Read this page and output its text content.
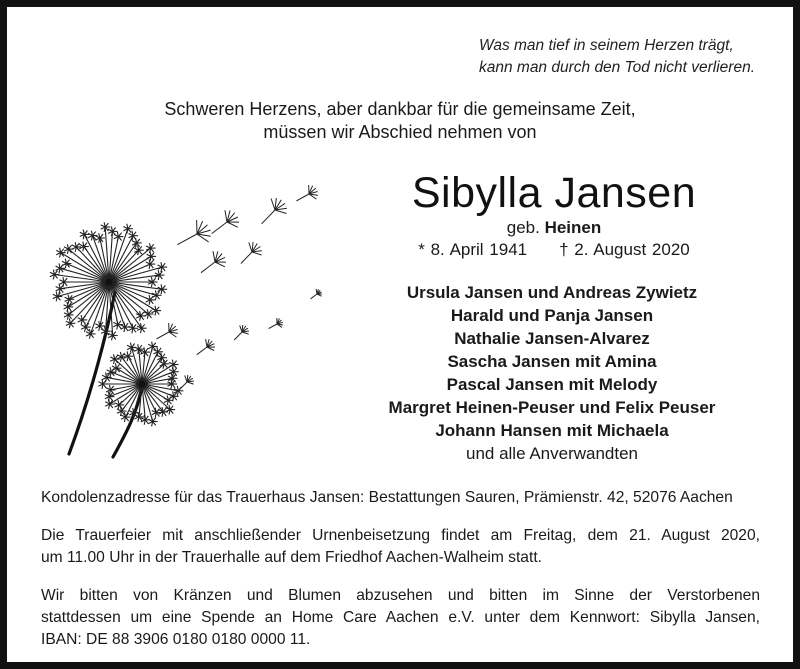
Was man tief in seinem Herzen trägt,
kann man durch den Tod nicht verlieren.
Schweren Herzens, aber dankbar für die gemeinsame Zeit,
müssen wir Abschied nehmen von
Sibylla Jansen
geb. Heinen
* 8. April 1941 † 2. August 2020
Ursula Jansen und Andreas Zywietz
Harald und Panja Jansen
Nathalie Jansen-Alvarez
Sascha Jansen mit Amina
Pascal Jansen mit Melody
Margret Heinen-Peuser und Felix Peuser
Johann Hansen mit Michaela
und alle Anverwandten
Kondolenzadresse für das Trauerhaus Jansen: Bestattungen Sauren, Prämienstr. 42, 52076 Aachen
Die Trauerfeier mit anschließender Urnenbeisetzung findet am Freitag, dem 21. August 2020,
um 11.00 Uhr in der Trauerhalle auf dem Friedhof Aachen-Walheim statt.
Wir bitten von Kränzen und Blumen abzusehen und bitten im Sinne der Verstorbenen
stattdessen um eine Spende an Home Care Aachen e.V. unter dem Kennwort: Sibylla Jansen,
IBAN: DE 88 3906 0180 0180 0000 11.
